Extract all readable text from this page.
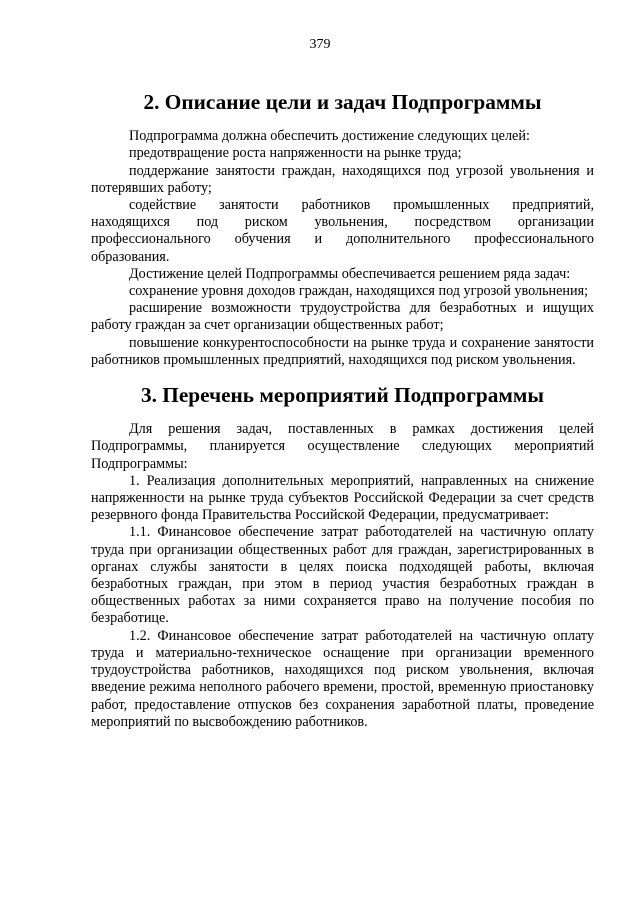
379
2. Описание цели и задач Подпрограммы

Подпрограмма должна обеспечить достижение следующих целей:

предотвращение роста напряженности на рынке труда;

поддержание занятости граждан, находящихся под угрозой увольнения и потерявших работу;

содействие занятости работников промышленных предприятий, находящихся под риском увольнения, посредством организации профессионального обучения и дополнительного профессионального образования.

Достижение целей Подпрограммы обеспечивается решением ряда задач:

сохранение уровня доходов граждан, находящихся под угрозой увольнения;

расширение возможности трудоустройства для безработных и ищущих работу граждан за счет организации общественных работ;

повышение конкурентоспособности на рынке труда и сохранение занятости работников промышленных предприятий, находящихся под риском увольнения.

3. Перечень мероприятий Подпрограммы

Для решения задач, поставленных в рамках достижения целей Подпрограммы, планируется осуществление следующих мероприятий Подпрограммы:

1. Реализация дополнительных мероприятий, направленных на снижение напряженности на рынке труда субъектов Российской Федерации за счет средств резервного фонда Правительства Российской Федерации, предусматривает:

1.1. Финансовое обеспечение затрат работодателей на частичную оплату труда при организации общественных работ для граждан, зарегистрированных в органах службы занятости в целях поиска подходящей работы, включая безработных граждан, при этом в период участия безработных граждан в общественных работах за ними сохраняется право на получение пособия по безработице.

1.2. Финансовое обеспечение затрат работодателей на частичную оплату труда и материально-техническое оснащение при организации временного трудоустройства работников, находящихся под риском увольнения, включая введение режима неполного рабочего времени, простой, временную приостановку работ, предоставление отпусков без сохранения заработной платы, проведение мероприятий по высвобождению работников.
